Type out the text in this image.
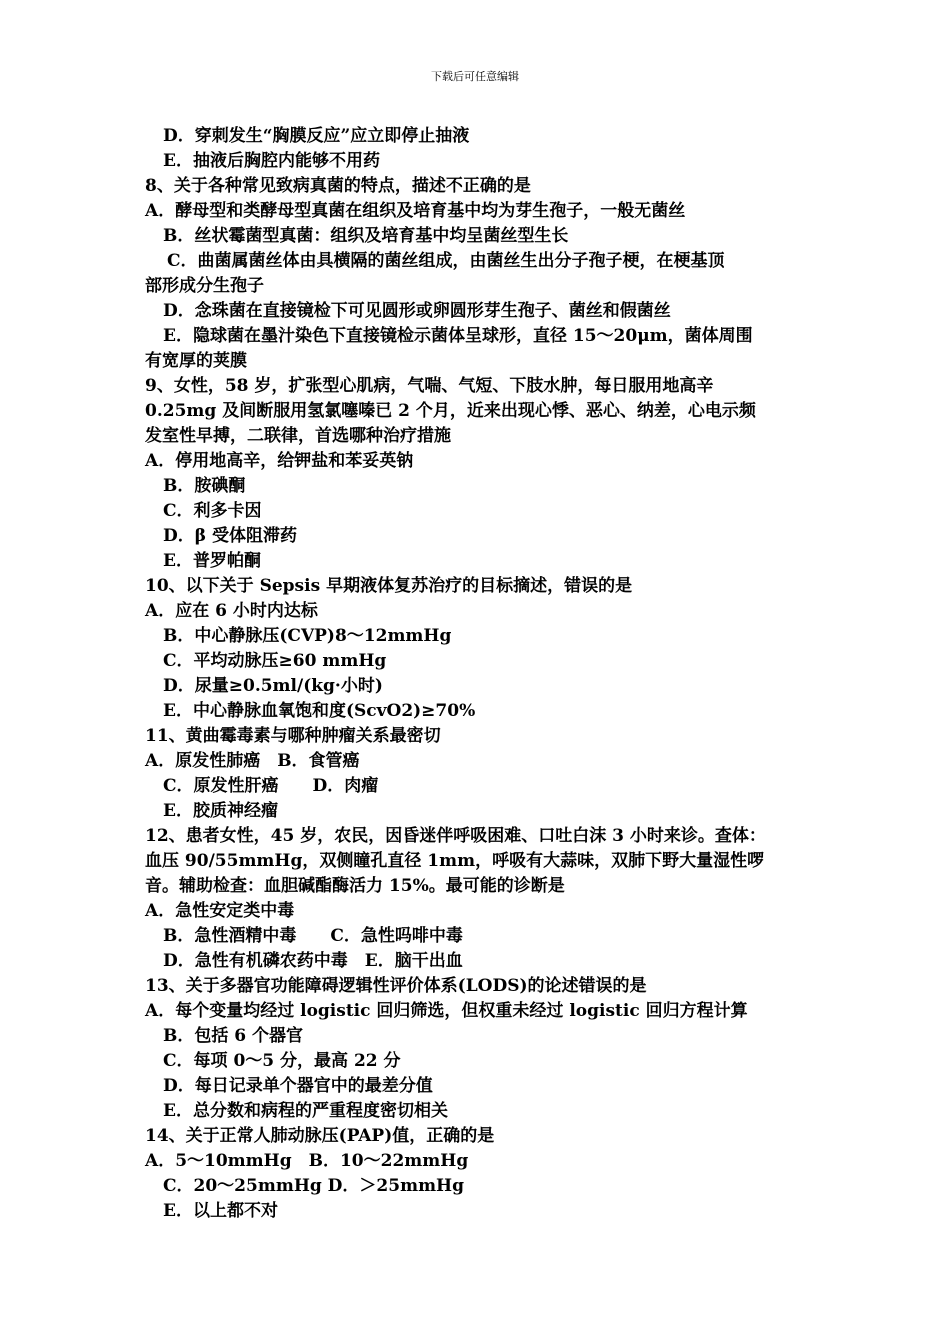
下载后可任意编辑
D．穿刺发生“胸膜反应”应立即停止抽液
E．抽液后胸腔内能够不用药
8、关于各种常见致病真菌的特点，描述不正确的是
A．酵母型和类酵母型真菌在组织及培育基中均为芽生孢子，一般无菌丝
B．丝状霉菌型真菌：组织及培育基中均呈菌丝型生长
C．曲菌属菌丝体由具横隔的菌丝组成，由菌丝生出分子孢子梗，在梗基顶
部形成分生孢子
D．念珠菌在直接镜检下可见圆形或卵圆形芽生孢子、菌丝和假菌丝
E．隐球菌在墨汁染色下直接镜检示菌体呈球形，直径 15～20μm，菌体周围
有宽厚的荚膜
9、女性，58 岁，扩张型心肌病，气喘、气短、下肢水肿，每日服用地高辛
0.25mg 及间断服用氢氯噻嗪已 2 个月，近来出现心悸、恶心、纳差，心电示频
发室性早搏，二联律，首选哪种治疗措施
A．停用地高辛，给钾盐和苯妥英钠
B．胺碘酮
C．利多卡因
D．β 受体阻滞药
E．普罗帕酮
10、以下关于 Sepsis 早期液体复苏治疗的目标摘述，错误的是
A．应在 6 小时内达标
B．中心静脉压(CVP)8～12mmHg
C．平均动脉压≥60 mmHg
D．尿量≥0.5ml/(kg·小时)
E．中心静脉血氧饱和度(ScvO2)≥70%
11、黄曲霉毒素与哪种肿瘤关系最密切
A．原发性肺癌　B．食管癌
C．原发性肝癌　　D．肉瘤
E．胶质神经瘤
12、患者女性，45 岁，农民，因昏迷伴呼吸困难、口吐白沫 3 小时来诊。查体：
血压 90/55mmHg，双侧瞳孔直径 1mm，呼吸有大蒜味，双肺下野大量湿性啰
音。辅助检查：血胆碱酯酶活力 15%。最可能的诊断是
A．急性安定类中毒
B．急性酒精中毒　　C．急性吗啡中毒
D．急性有机磷农药中毒　E．脑干出血
13、关于多器官功能障碍逻辑性评价体系(LODS)的论述错误的是
A．每个变量均经过 logistic 回归筛选，但权重未经过 logistic 回归方程计算
B．包括 6 个器官
C．每项 0～5 分，最高 22 分
D．每日记录单个器官中的最差分值
E．总分数和病程的严重程度密切相关
14、关于正常人肺动脉压(PAP)值，正确的是
A．5～10mmHg　B．10～22mmHg
C．20～25mmHg D．＞25mmHg
E．以上都不对
